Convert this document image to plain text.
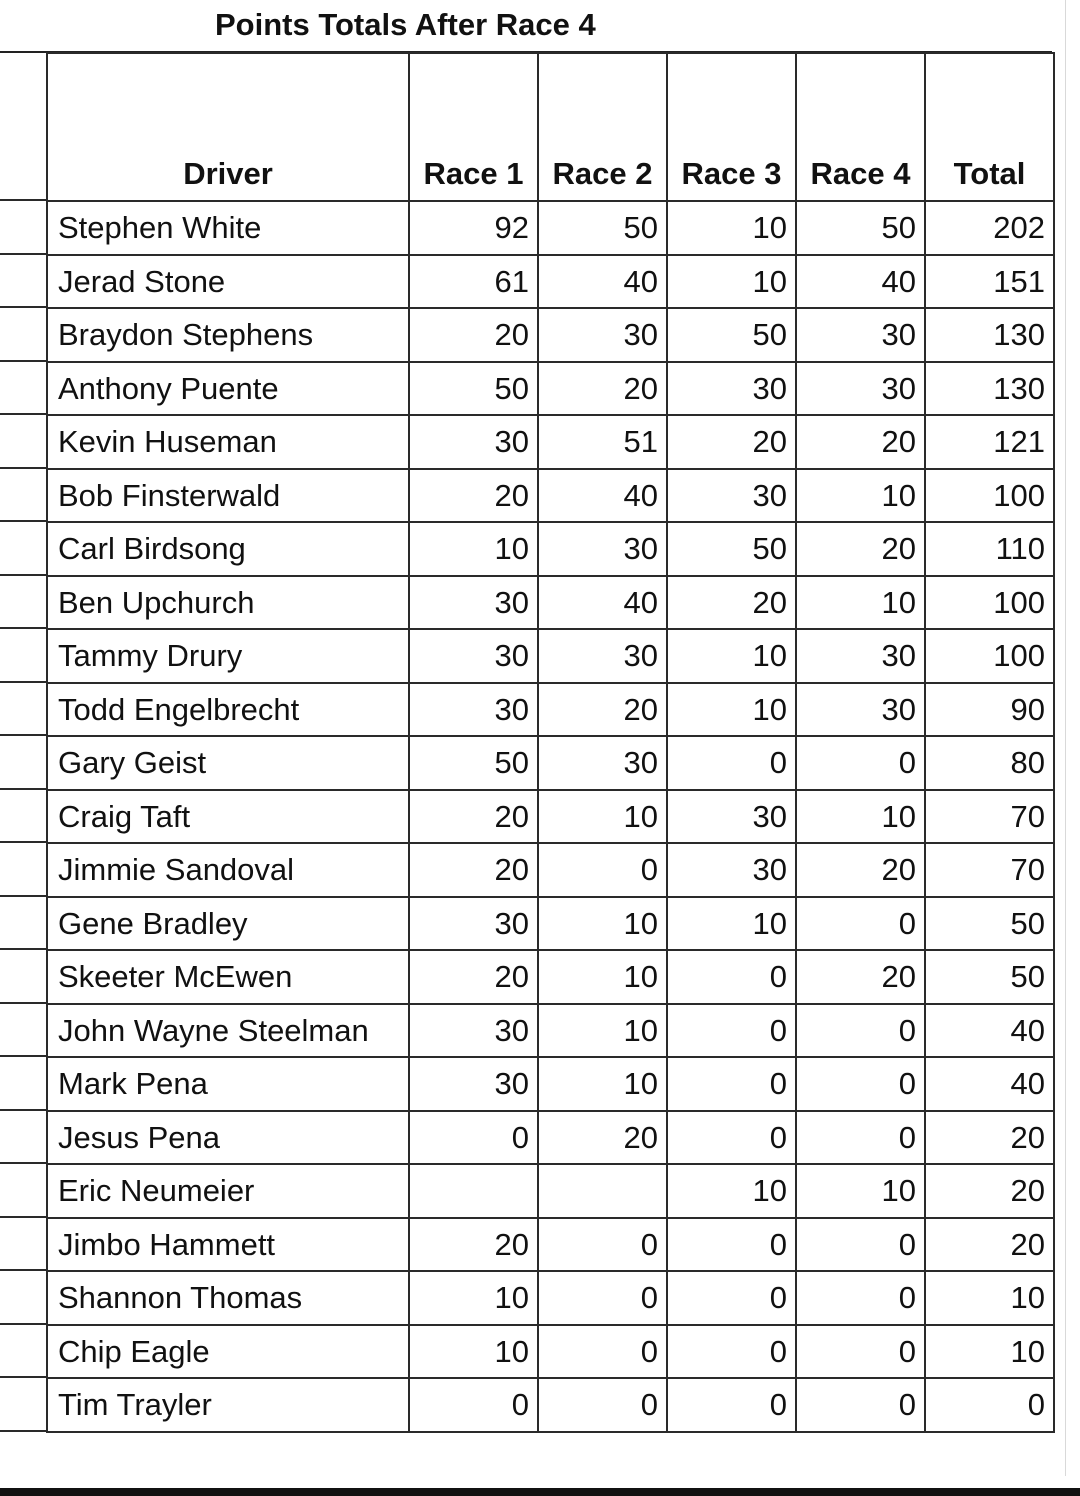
Points Totals After Race 4
Driver	Race 1	Race 2	Race 3	Race 4	Total
Stephen White	92	50	10	50	202
Jerad Stone	61	40	10	40	151
Braydon Stephens	20	30	50	30	130
Anthony Puente	50	20	30	30	130
Kevin Huseman	30	51	20	20	121
Bob Finsterwald	20	40	30	10	100
Carl Birdsong	10	30	50	20	110
Ben Upchurch	30	40	20	10	100
Tammy Drury	30	30	10	30	100
Todd Engelbrecht	30	20	10	30	90
Gary Geist	50	30	0	0	80
Craig Taft	20	10	30	10	70
Jimmie Sandoval	20	0	30	20	70
Gene Bradley	30	10	10	0	50
Skeeter McEwen	20	10	0	20	50
John Wayne Steelman	30	10	0	0	40
Mark Pena	30	10	0	0	40
Jesus Pena	0	20	0	0	20
Eric Neumeier			10	10	20
Jimbo Hammett	20	0	0	0	20
Shannon Thomas	10	0	0	0	10
Chip Eagle	10	0	0	0	10
Tim Trayler	0	0	0	0	0
